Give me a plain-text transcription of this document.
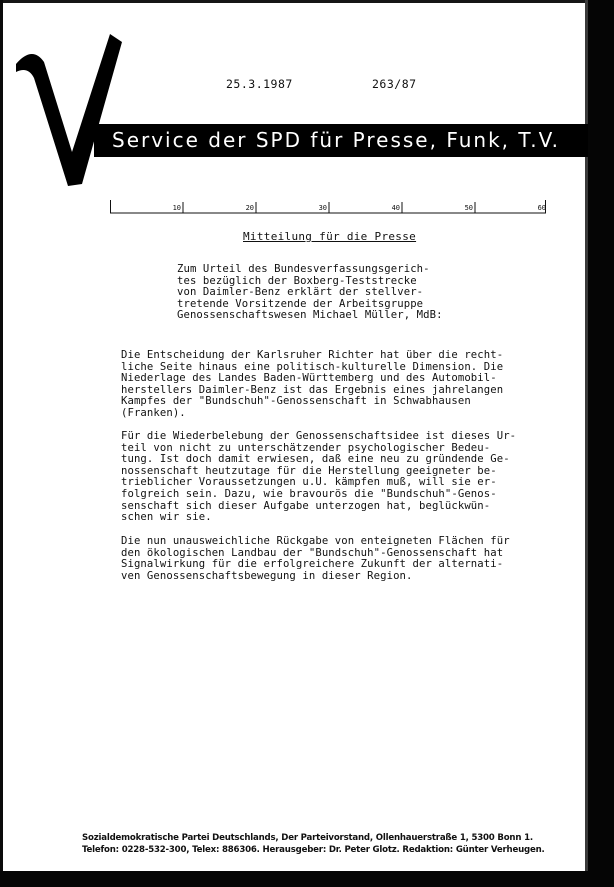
25.3.1987	263/87
Service der SPD für Presse, Funk, T.V.
10	20	30	40	50	60
Mitteilung für die Presse
Zum Urteil des Bundesverfassungsgerich-
tes bezüglich der Boxberg-Teststrecke
von Daimler-Benz erklärt der stellver-
tretende Vorsitzende der Arbeitsgruppe
Genossenschaftswesen Michael Müller, MdB:
Die Entscheidung der Karlsruher Richter hat über die recht-
liche Seite hinaus eine politisch-kulturelle Dimension. Die
Niederlage des Landes Baden-Württemberg und des Automobil-
herstellers Daimler-Benz ist das Ergebnis eines jahrelangen
Kampfes der "Bundschuh"-Genossenschaft in Schwabhausen
(Franken).
Für die Wiederbelebung der Genossenschaftsidee ist dieses Ur-
teil von nicht zu unterschätzender psychologischer Bedeu-
tung. Ist doch damit erwiesen, daß eine neu zu gründende Ge-
nossenschaft heutzutage für die Herstellung geeigneter be-
trieblicher Voraussetzungen u.U. kämpfen muß, will sie er-
folgreich sein. Dazu, wie bravourös die "Bundschuh"-Genos-
senschaft sich dieser Aufgabe unterzogen hat, beglückwün-
schen wir sie.
Die nun unausweichliche Rückgabe von enteigneten Flächen für
den ökologischen Landbau der "Bundschuh"-Genossenschaft hat
Signalwirkung für die erfolgreichere Zukunft der alternati-
ven Genossenschaftsbewegung in dieser Region.
Sozialdemokratische Partei Deutschlands, Der Parteivorstand, Ollenhauerstraße 1, 5300 Bonn 1.
Telefon: 0228-532-300, Telex: 886306. Herausgeber: Dr. Peter Glotz. Redaktion: Günter Verheugen.
